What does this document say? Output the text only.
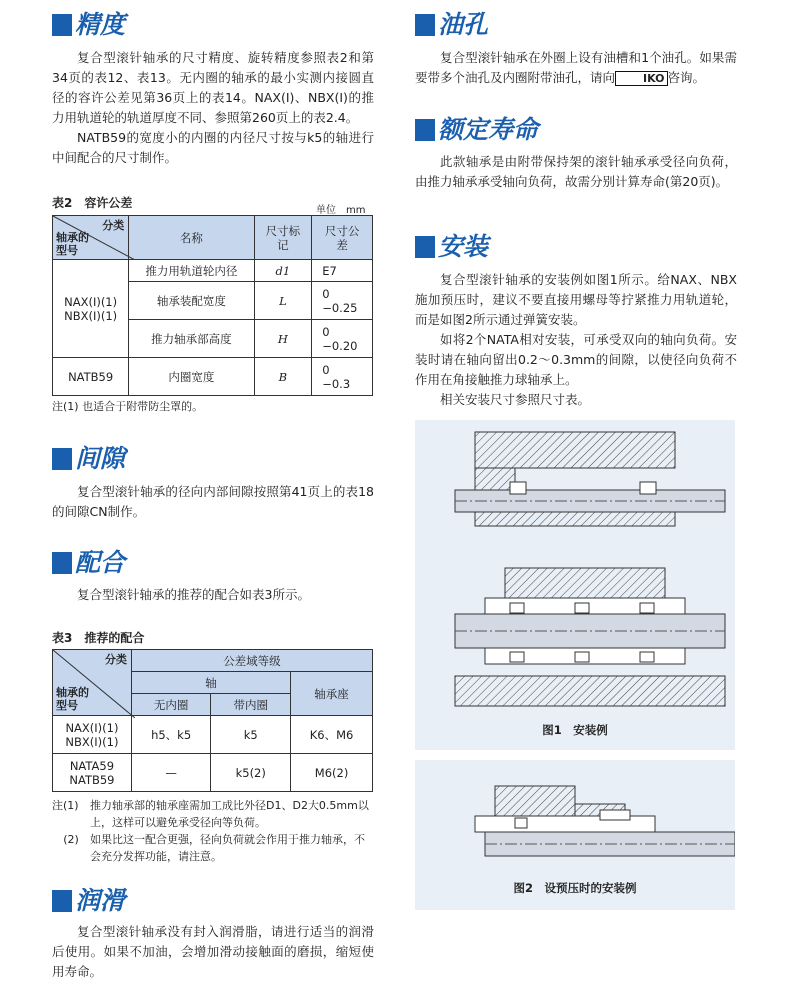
精度

复合型滚针轴承的尺寸精度、旋转精度参照表2和第34页的表12、表13。无内圈的轴承的最小实测内接圆直径的容许公差见第36页上的表14。NAX(I)、NBX(I)的推力用轨道轮的轨道厚度不同、参照第260页上的表2.4。

NATB59的宽度小的内圈的内径尺寸按与k5的轴进行中间配合的尺寸制作。

表2　容许公差
单位　mm
分类
轴承的型号	名称	尺寸标记	尺寸公差

NAX(I)(1)
NBX(I)(1)	推力用轨道轮内径	d1	E7
	轴承装配宽度	L	0
−0.25

	推力轴承部高度	H	0
−0.20

NATB59	内圈宽度	B	0
−0.3
注(1) 也适合于附带防尘罩的。
间隙

复合型滚针轴承的径向内部间隙按照第41页上的表18的间隙CN制作。

配合

复合型滚针轴承的推荐的配合如表3所示。

表3　推荐的配合
分类
轴承的型号	公差域等级		
	轴		轴承座
	无内圈	带内圈	

NAX(I)(1)
NBX(I)(1)	h5、k5	k5	K6、M6

NATA59
NATB59	—	k5(2)	M6(2)
注(1)	推力轴承部的轴承座需加工成比外径D1、D2大0.5mm以上，这样可以避免承受径向等负荷。
(2)	如果比这一配合更强，径向负荷就会作用于推力轴承，不会充分发挥功能，请注意。
润滑

复合型滚针轴承没有封入润滑脂，请进行适当的润滑后使用。如果不加油，会增加滑动接触面的磨损，缩短使用寿命。

油孔

复合型滚针轴承在外圈上设有油槽和1个油孔。如果需要带多个油孔及内圈附带油孔，请向	IKO 咨询。

额定寿命

此款轴承是由附带保持架的滚针轴承承受径向负荷，由推力轴承承受轴向负荷，故需分别计算寿命(第20页)。

安装

复合型滚针轴承的安装例如图1所示。给NAX、NBX施加预压时，建议不要直接用螺母等拧紧推力用轨道轮，而是如图2所示通过弹簧安装。

如将2个NATA相对安装，可承受双向的轴向负荷。安装时请在轴向留出0.2～0.3mm的间隙，以使径向负荷不作用在角接触推力球轴承上。

相关安装尺寸参照尺寸表。

图1　安装例
图2　设预压时的安装例
